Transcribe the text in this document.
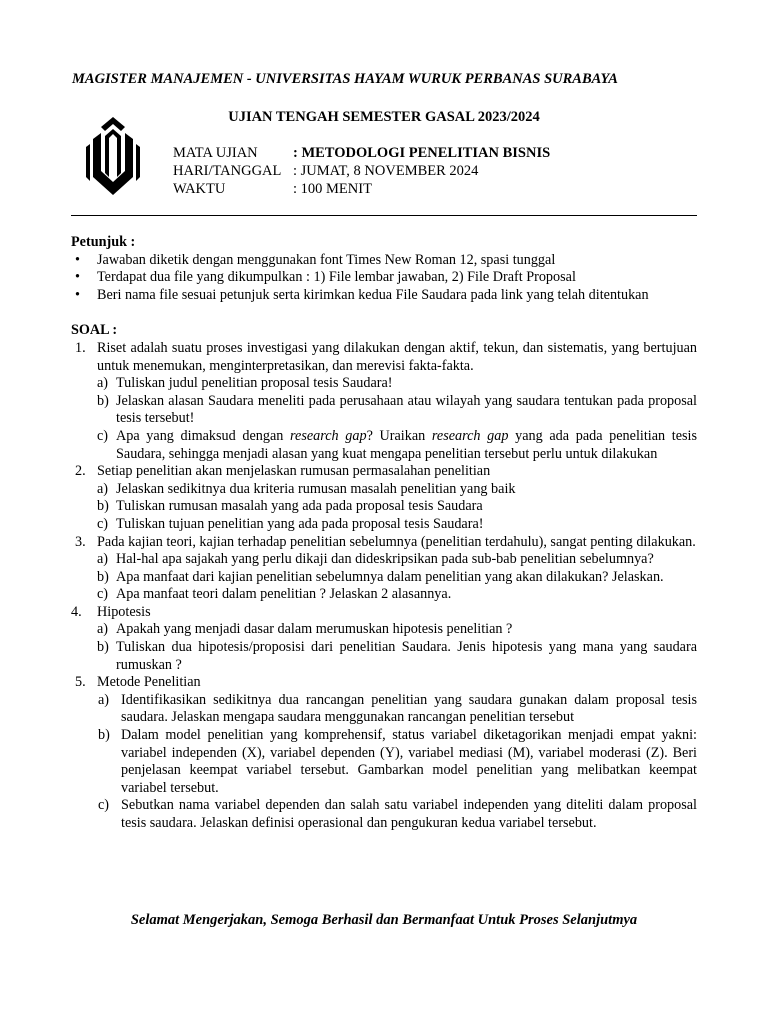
MAGISTER MANAJEMEN - UNIVERSITAS HAYAM WURUK PERBANAS SURABAYA
UJIAN TENGAH SEMESTER GASAL 2023/2024
MATA UJIAN : METODOLOGI PENELITIAN BISNIS
HARI/TANGGAL : JUMAT, 8 NOVEMBER 2024
WAKTU	: 100 MENIT
Petunjuk :
• Jawaban diketik dengan menggunakan font Times New Roman 12, spasi tunggal
• Terdapat dua file yang dikumpulkan : 1) File lembar jawaban, 2) File Draft Proposal
• Beri nama file sesuai petunjuk serta kirimkan kedua File Saudara pada link yang telah ditentukan
SOAL :
1. Riset adalah suatu proses investigasi yang dilakukan dengan aktif, tekun, dan sistematis, yang bertujuan untuk menemukan, menginterpretasikan, dan merevisi fakta-fakta.
a) Tuliskan judul penelitian proposal tesis Saudara!
b) Jelaskan alasan Saudara meneliti pada perusahaan atau wilayah yang saudara tentukan pada proposal tesis tersebut!
c) Apa yang dimaksud dengan research gap? Uraikan research gap yang ada pada penelitian tesis Saudara, sehingga menjadi alasan yang kuat mengapa penelitian tersebut perlu untuk dilakukan
2. Setiap penelitian akan menjelaskan rumusan permasalahan penelitian
a) Jelaskan sedikitnya dua kriteria rumusan masalah penelitian yang baik
b) Tuliskan rumusan masalah yang ada pada proposal tesis Saudara
c) Tuliskan tujuan penelitian yang ada pada proposal tesis Saudara!
3. Pada kajian teori, kajian terhadap penelitian sebelumnya (penelitian terdahulu), sangat penting dilakukan.
a) Hal-hal apa sajakah yang perlu dikaji dan dideskripsikan pada sub-bab penelitian sebelumnya?
b) Apa manfaat dari kajian penelitian sebelumnya dalam penelitian yang akan dilakukan? Jelaskan.
c) Apa manfaat teori dalam penelitian ? Jelaskan 2 alasannya.
4. Hipotesis
a) Apakah yang menjadi dasar dalam merumuskan hipotesis penelitian ?
b) Tuliskan dua hipotesis/proposisi dari penelitian Saudara. Jenis hipotesis yang mana yang saudara rumuskan ?
5. Metode Penelitian
a) Identifikasikan sedikitnya dua rancangan penelitian yang saudara gunakan dalam proposal tesis saudara. Jelaskan mengapa saudara menggunakan rancangan penelitian tersebut
b) Dalam model penelitian yang komprehensif, status variabel diketagorikan menjadi empat yakni: variabel independen (X), variabel dependen (Y), variabel mediasi (M), variabel moderasi (Z). Beri penjelasan keempat variabel tersebut. Gambarkan model penelitian yang melibatkan keempat variabel tersebut.
c) Sebutkan nama variabel dependen dan salah satu variabel independen yang diteliti dalam proposal tesis saudara. Jelaskan definisi operasional dan pengukuran kedua variabel tersebut.
Selamat Mengerjakan, Semoga Berhasil dan Bermanfaat Untuk Proses Selanjutmya
